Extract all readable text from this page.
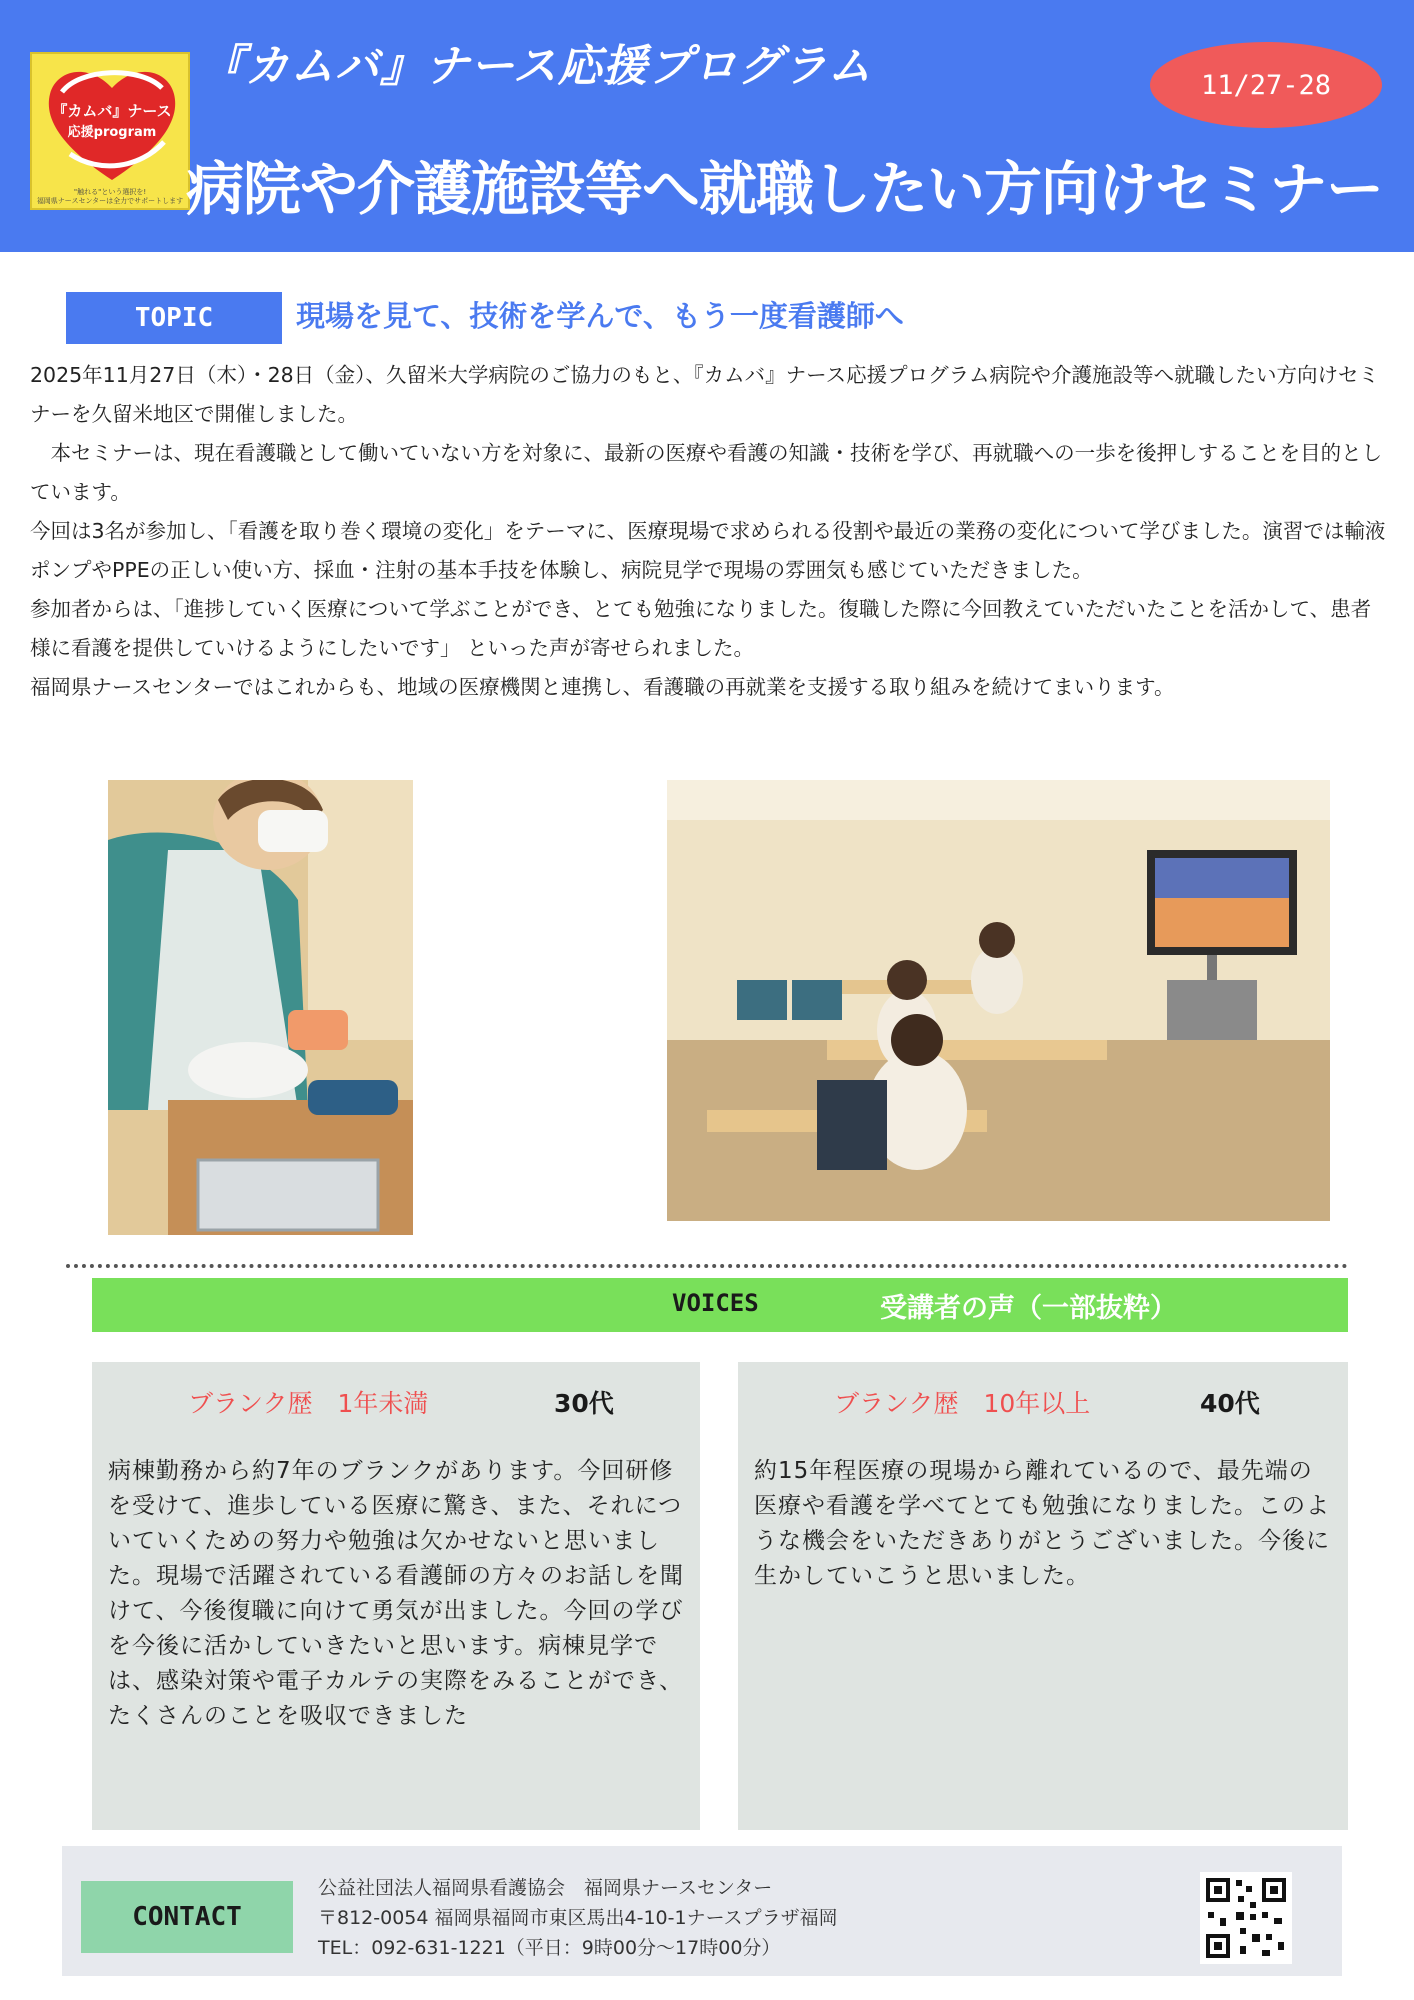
『カムバ』ナース
応援program
"触れる"という選択を!
福岡県ナースセンターは全力でサポートします
『カムバ』ナース応援プログラム	11/27-28
病院や介護施設等へ就職したい方向けセミナー
TOPIC	現場を見て、技術を学んで、もう一度看護師へ

2025年11月27日（木）・28日（金）、久留米大学病院のご協力のもと、『カムバ』ナース応援プログラム病院や介護施設等へ就職したい方向けセミナーを久留米地区で開催しました。

　本セミナーは、現在看護職として働いていない方を対象に、最新の医療や看護の知識・技術を学び、再就職への一歩を後押しすることを目的としています。

今回は3名が参加し、「看護を取り巻く環境の変化」をテーマに、医療現場で求められる役割や最近の業務の変化について学びました。演習では輸液ポンプやPPEの正しい使い方、採血・注射の基本手技を体験し、病院見学で現場の雰囲気も感じていただきました。

参加者からは、「進捗していく医療について学ぶことができ、とても勉強になりました。復職した際に今回教えていただいたことを活かして、患者様に看護を提供していけるようにしたいです」 といった声が寄せられました。

福岡県ナースセンターではこれからも、地域の医療機関と連携し、看護職の再就業を支援する取り組みを続けてまいります。

VOICES	受講者の声（一部抜粋）
ブランク歴　1年未満	30代
病棟勤務から約7年のブランクがあります。今回研修を受けて、進歩している医療に驚き、また、それについていくための努力や勉強は欠かせないと思いました。現場で活躍されている看護師の方々のお話しを聞けて、今後復職に向けて勇気が出ました。今回の学びを今後に活かしていきたいと思います。病棟見学では、感染対策や電子カルテの実際をみることができ、たくさんのことを吸収できました
ブランク歴　10年以上	40代
約15年程医療の現場から離れているので、最先端の医療や看護を学べてとても勉強になりました。このような機会をいただきありがとうございました。今後に生かしていこうと思いました。
CONTACT
公益社団法人福岡県看護協会　福岡県ナースセンター
〒812-0054 福岡県福岡市東区馬出4-10-1ナースプラザ福岡
TEL：092-631-1221（平日：9時00分〜17時00分）
